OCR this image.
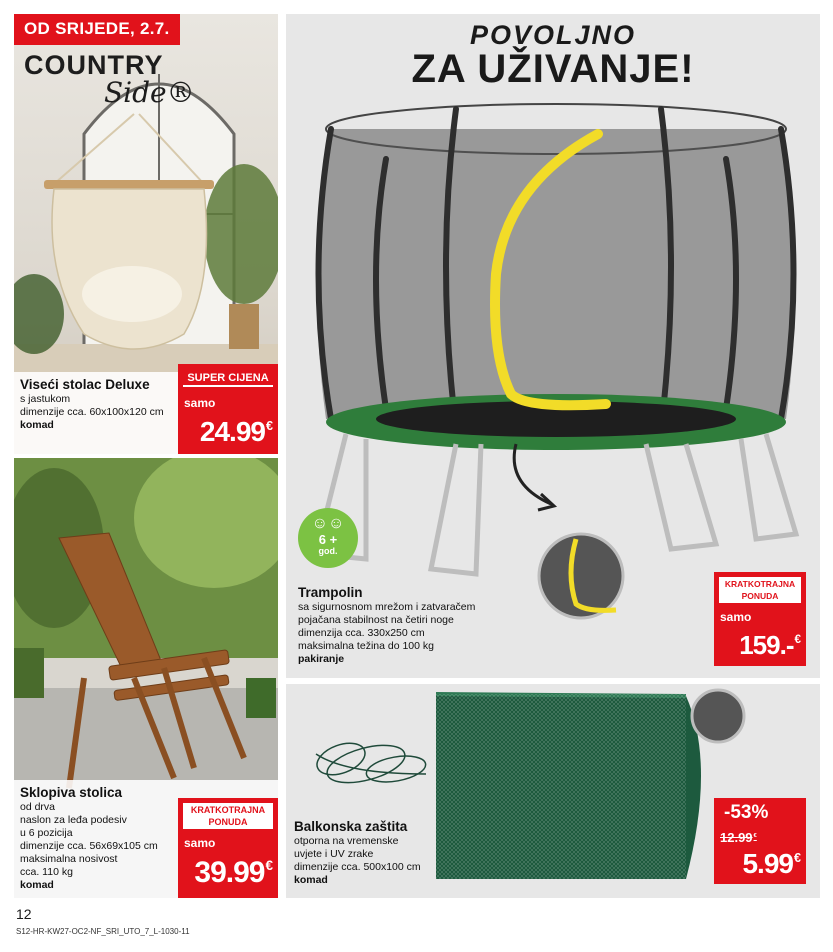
OD SRIJEDE, 2.7.
COUNTRY
Side®
Viseći stolac Deluxe
s jastukom
dimenzije cca. 60x100x120 cm
komad
SUPER CIJENA
samo
24.99€
Sklopiva stolica
od drva
naslon za leđa podesiv
u 6 pozicija
dimenzije cca. 56x69x105 cm
maksimalna nosivost
cca. 110 kg
komad
KRATKOTRAJNA
PONUDA
samo
39.99€
POVOLJNO
ZA UŽIVANJE!
☺☺
6 +
god.
Trampolin
sa sigurnosnom mrežom i zatvaračem
pojačana stabilnost na četiri noge
dimenzija cca. 330x250 cm
maksimalna težina do 100 kg
pakiranje
KRATKOTRAJNA
PONUDA
samo
159.-€
Balkonska zaštita
otporna na vremenske
uvjete i UV zrake
dimenzije cca. 500x100 cm
komad
-53%
12.99€
5.99€
12
S12-HR-KW27-OC2-NF_SRI_UTO_7_L-1030-11
